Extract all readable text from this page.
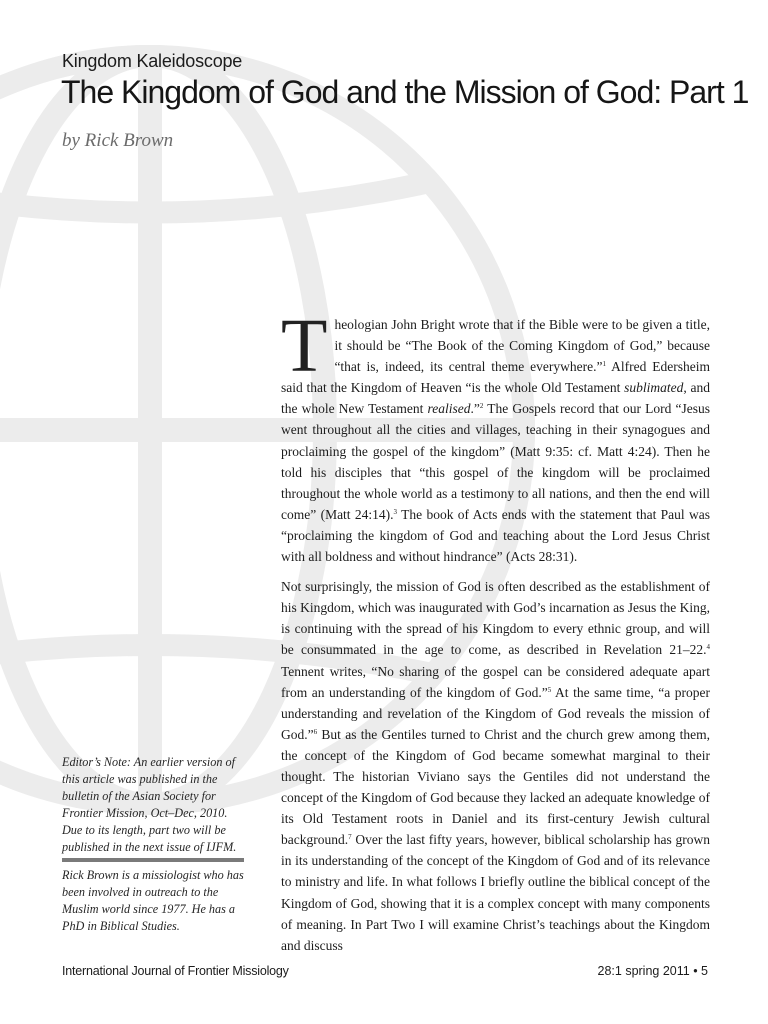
Kingdom Kaleidoscope
The Kingdom of God and the Mission of God: Part 1
by Rick Brown

Theologian John Bright wrote that if the Bible were to be given a title, it should be “The Book of the Coming Kingdom of God,” because “that is, indeed, its central theme everywhere.”$^1$ Alfred Edersheim said that the Kingdom of Heaven “is the whole Old Testament sublimated, and the whole New Testament realised.”$^2$ The Gospels record that our Lord “Jesus went throughout all the cities and villages, teaching in their synagogues and proclaiming the gospel of the kingdom” (Matt 9:35: cf. Matt 4:24). Then he told his disciples that “this gospel of the kingdom will be proclaimed throughout the whole world as a testimony to all nations, and then the end will come” (Matt 24:14).$^3$ The book of Acts ends with the statement that Paul was “proclaiming the kingdom of God and teaching about the Lord Jesus Christ with all boldness and without hindrance” (Acts 28:31).

Not surprisingly, the mission of God is often described as the establishment of his Kingdom, which was inaugurated with God’s incarnation as Jesus the King, is continuing with the spread of his Kingdom to every ethnic group, and will be consummated in the age to come, as described in Revelation 21–22.$^4$ Tennent writes, “No sharing of the gospel can be considered adequate apart from an understanding of the kingdom of God.”$^5$ At the same time, “a proper understanding and revelation of the Kingdom of God reveals the mission of God.”$^6$ But as the Gentiles turned to Christ and the church grew among them, the concept of the Kingdom of God became somewhat marginal to their thought. The historian Viviano says the Gentiles did not understand the concept of the Kingdom of God because they lacked an adequate knowledge of its Old Testament roots in Daniel and its first-century Jewish cultural background.$^7$ Over the last fifty years, however, biblical scholarship has grown in its understanding of the concept of the Kingdom of God and of its relevance to ministry and life. In what follows I briefly outline the biblical concept of the Kingdom of God, showing that it is a complex concept with many components of meaning. In Part Two I will examine Christ’s teachings about the Kingdom and discuss

Editor’s Note: An earlier version of this article was published in the bulletin of the Asian Society for Frontier Mission, Oct–Dec, 2010. Due to its length, part two will be published in the next issue of IJFM.
Rick Brown is a missiologist who has been involved in outreach to the Muslim world since 1977. He has a PhD in Biblical Studies.
International Journal of Frontier Missiology	28:1 spring 2011 • 5
